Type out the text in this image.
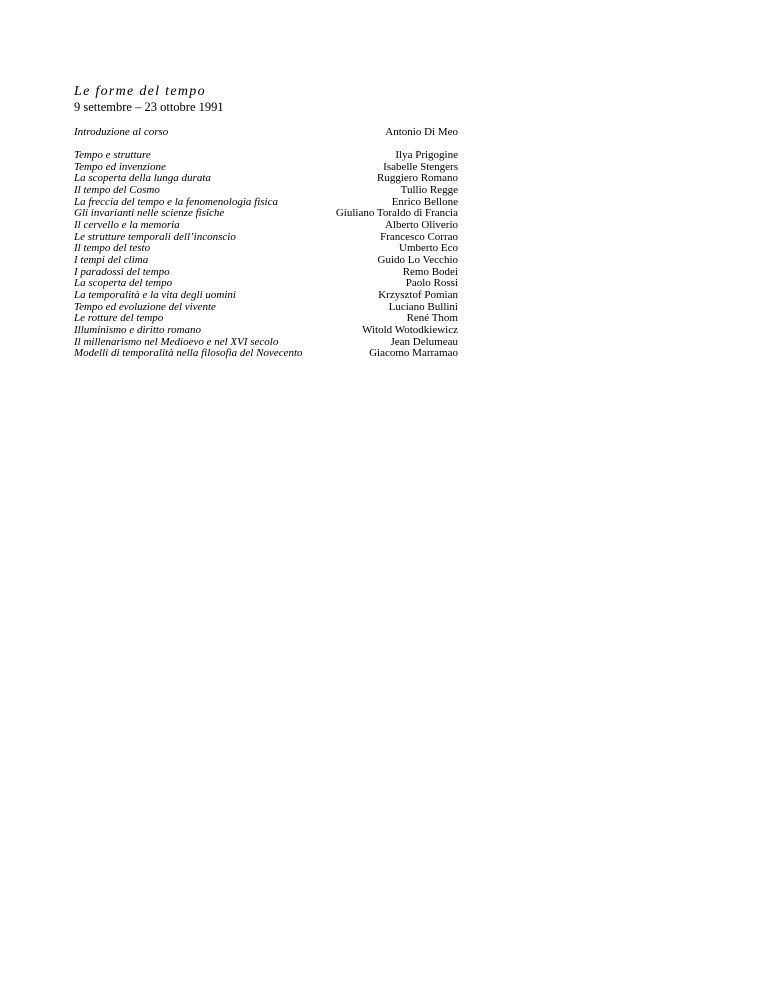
Le forme del tempo

9 settembre – 23 ottobre 1991

Introduzione al corso	Antonio Di Meo
Tempo e strutture	Ilya Prigogine
Tempo ed invenzione	Isabelle Stengers
La scoperta della lunga durata	Ruggiero Romano
Il tempo del Cosmo	Tullio Regge
La freccia del tempo e la fenomenologia fisica	Enrico Bellone
Gli invarianti nelle scienze fisiche	Giuliano Toraldo di Francia
Il cervello e la memoria	Alberto Oliverio
Le strutture temporali dell’inconscio	Francesco Corrao
Il tempo del testo	Umberto Eco
I tempi del clima	Guido Lo Vecchio
I paradossi del tempo	Remo Bodei
La scoperta del tempo	Paolo Rossi
La temporalità e la vita degli uomini	Krzysztof Pomian
Tempo ed evoluzione del vivente	Luciano Bullini
Le rotture del tempo	René Thom
Illuminismo e diritto romano	Witold Wotodkiewicz
Il millenarismo nel Medioevo e nel XVI secolo	Jean Delumeau
Modelli di temporalità nella filosofia del Novecento	Giacomo Marramao
